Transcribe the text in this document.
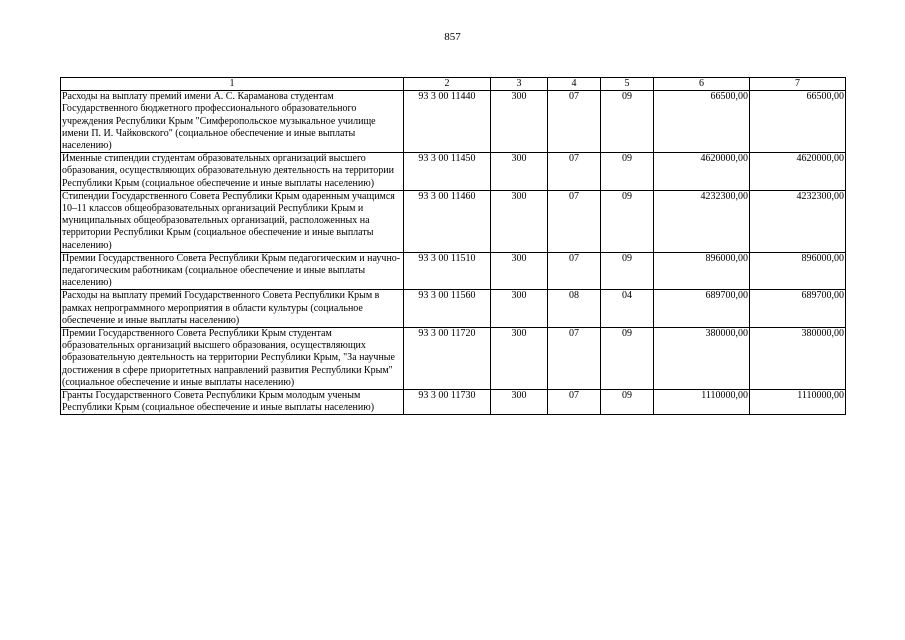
857
1	2	3	4	5	6	7
Расходы на выплату премий имени А. С. Караманова студентам Государственного бюджетного профессионального образовательного учреждения Республики Крым "Симферопольское музыкальное училище имени П. И. Чайковского" (социальное обеспечение и иные выплаты населению)	93 3 00 11440	300	07	09	66500,00	66500,00
Именные стипендии студентам образовательных организаций высшего образования, осуществляющих образовательную деятельность на территории Республики Крым (социальное обеспечение и иные выплаты населению)	93 3 00 11450	300	07	09	4620000,00	4620000,00
Стипендии Государственного Совета Республики Крым одаренным учащимся 10–11 классов общеобразовательных организаций Республики Крым и муниципальных общеобразовательных организаций, расположенных на территории Республики Крым (социальное обеспечение и иные выплаты населению)	93 3 00 11460	300	07	09	4232300,00	4232300,00
Премии Государственного Совета Республики Крым педагогическим и научно-педагогическим работникам (социальное обеспечение и иные выплаты населению)	93 3 00 11510	300	07	09	896000,00	896000,00
Расходы на выплату премий Государственного Совета Республики Крым в рамках непрограммного мероприятия в области культуры (социальное обеспечение и иные выплаты населению)	93 3 00 11560	300	08	04	689700,00	689700,00
Премии Государственного Совета Республики Крым студентам образовательных организаций высшего образования, осуществляющих образовательную деятельность на территории Республики Крым, "За научные достижения в сфере приоритетных направлений развития Республики Крым" (социальное обеспечение и иные выплаты населению)	93 3 00 11720	300	07	09	380000,00	380000,00
Гранты Государственного Совета Республики Крым молодым ученым Республики Крым (социальное обеспечение и иные выплаты населению)	93 3 00 11730	300	07	09	1110000,00	1110000,00
